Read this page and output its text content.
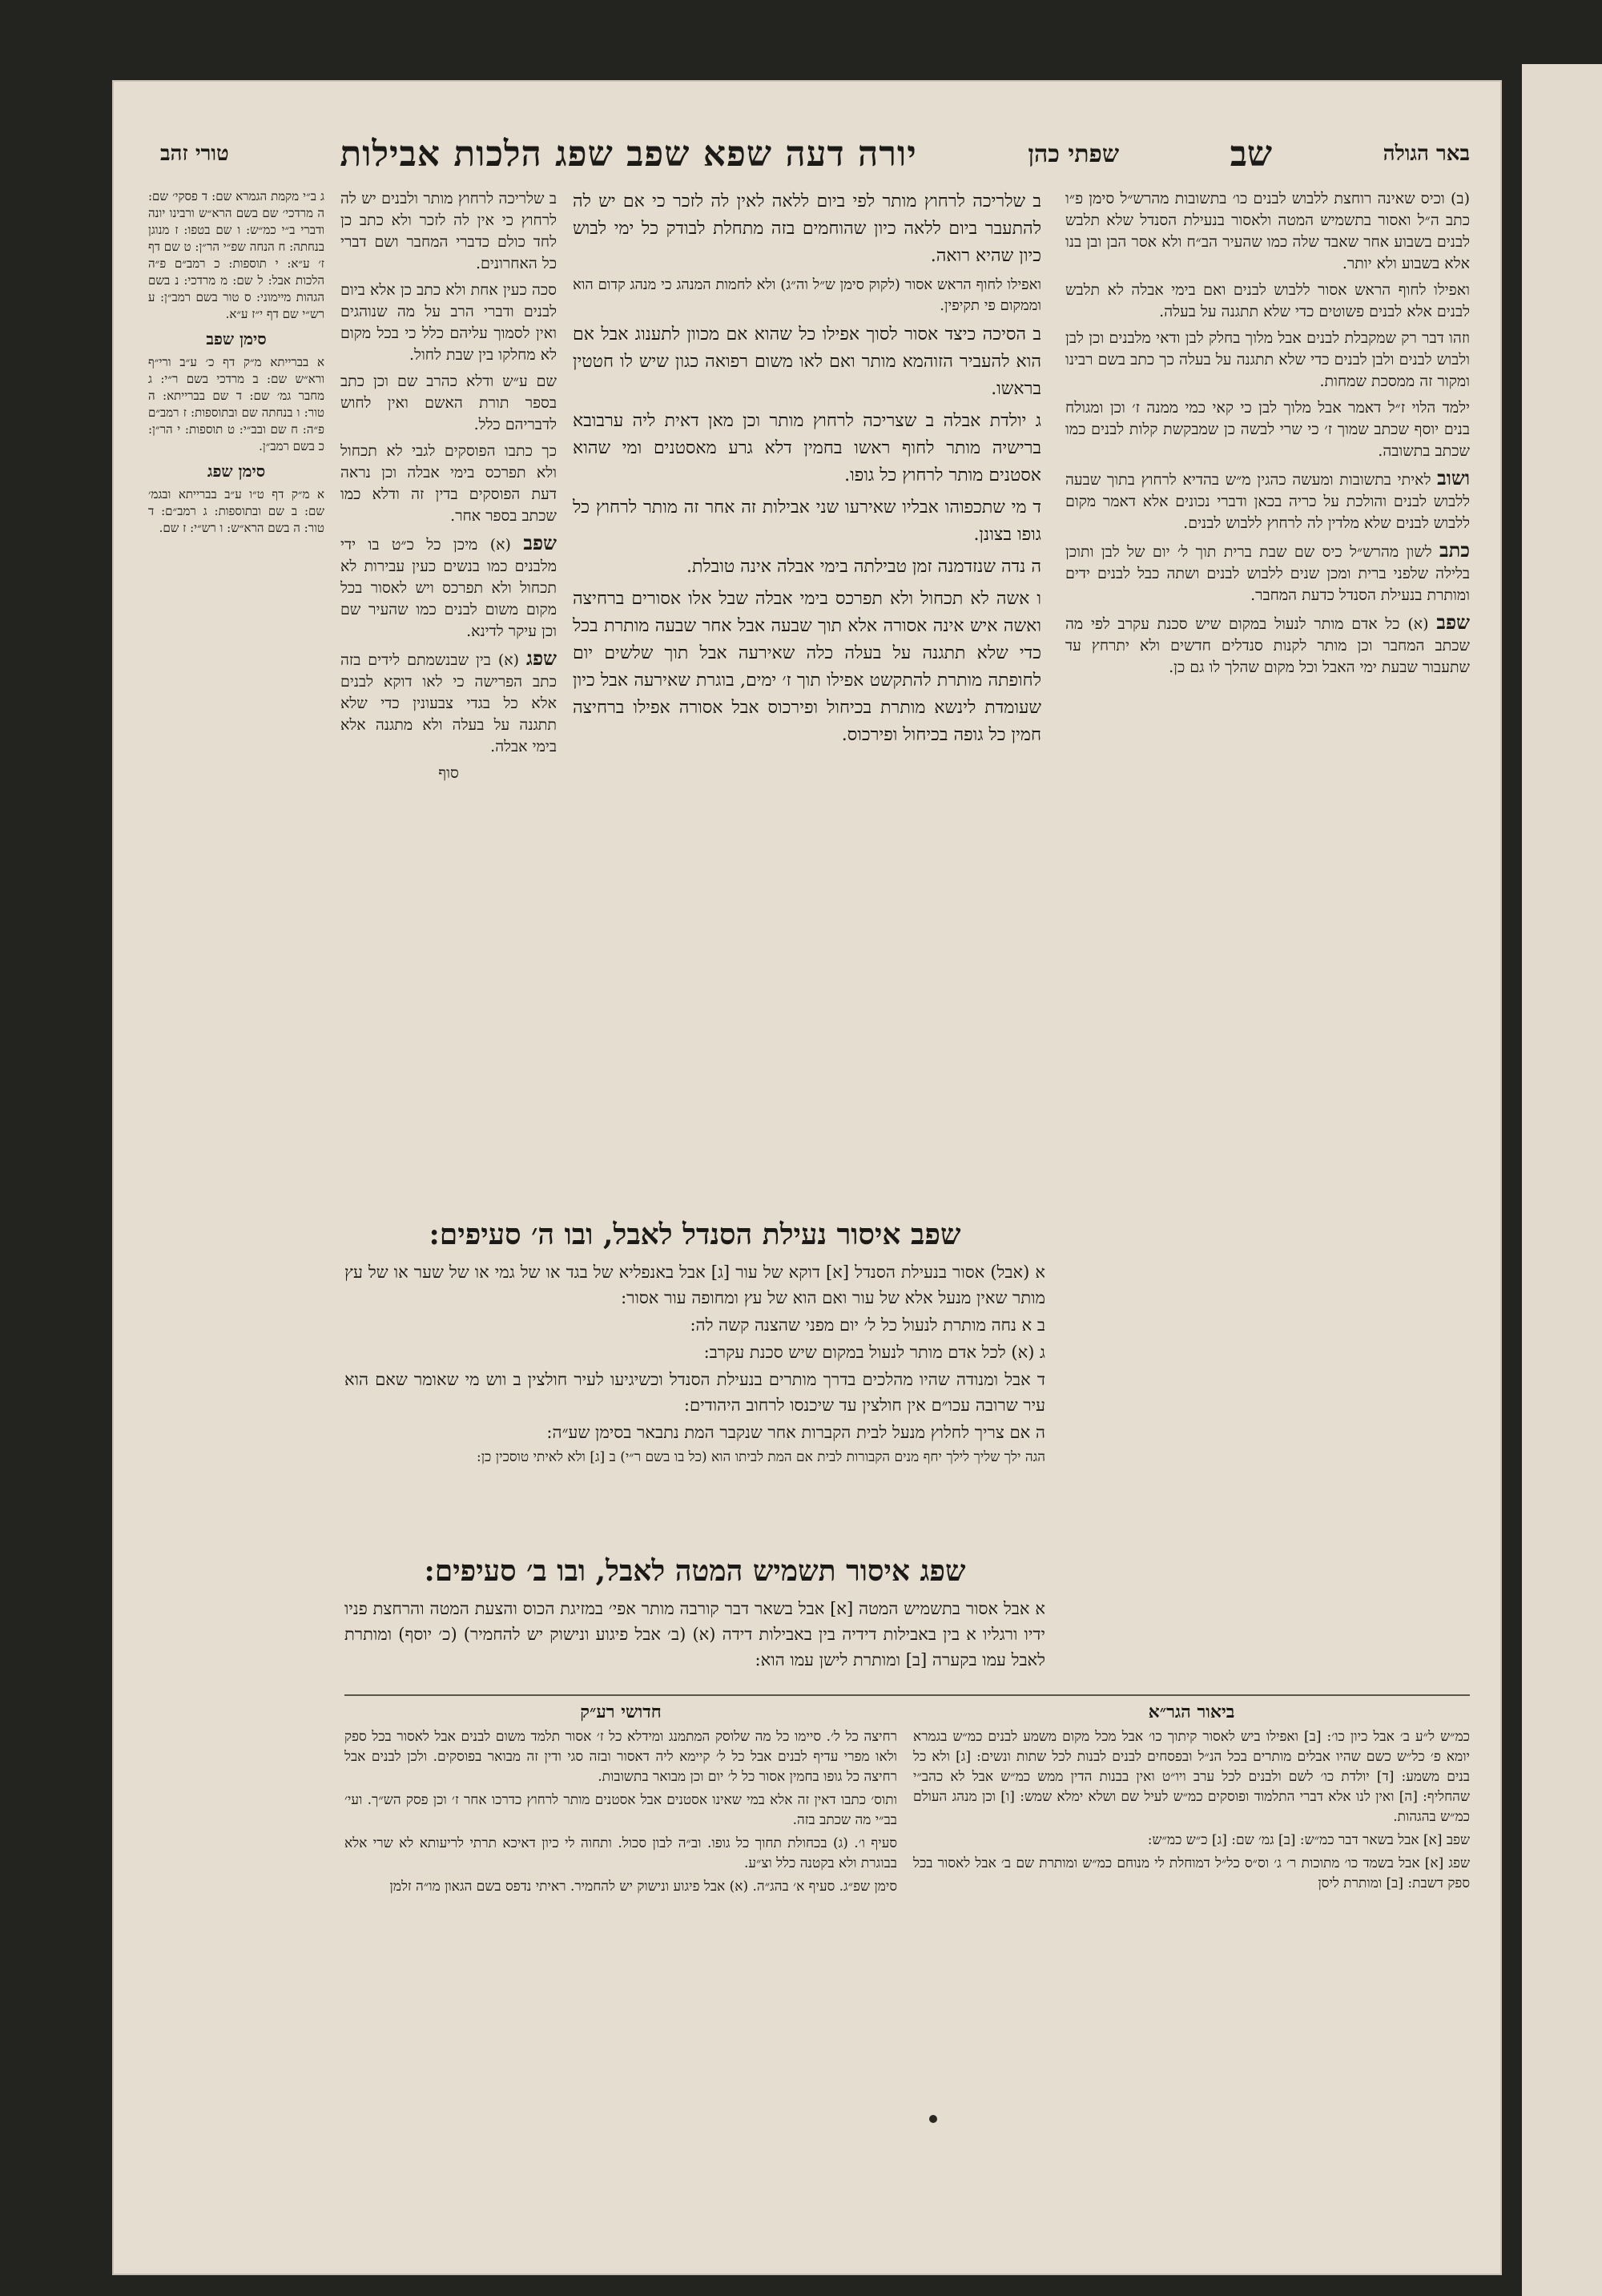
טורי זהב	יורה דעה שפא שפב שפג הלכות אבילות	שפתי כהן	שב	באר הגולה

(ב) וכיס שאינה רוחצת ללבוש לבנים כו׳ בתשובות מהרש״ל סימן פ״ו כתב ה״ל ואסור בתשמיש המטה ולאסור בנעילת הסנדל שלא תלבש לבנים בשבוע אחר שאבד שלה כמו שהעיר הב״ח ולא אסר הבן ובן בנו אלא בשבוע ולא יותר.

ואפילו לחוף הראש אסור ללבוש לבנים ואם בימי אבלה לא תלבש לבנים אלא לבנים פשוטים כדי שלא תתגנה על בעלה.

וזהו דבר רק שמקבלת לבנים אבל מלוך בחלק לבן ודאי מלבנים וכן לבן ולבוש לבנים ולבן לבנים כדי שלא תתגנה על בעלה כך כתב בשם רבינו ומקור זה ממסכת שמחות.

ילמד הלוי ז״ל דאמר אבל מלוך לבן כי קאי כמי ממנה ז׳ וכן ומגולח בנים יוסף שכתב שמוך ז׳ כי שרי לבשה כן שמבקשת קלות לבנים כמו שכתב בתשובה.

ושוב לאיתי בתשובות ומעשה כהגין מ״ש בהדיא לרחוץ בתוך שבעה ללבוש לבנים והולכת על כריה בכאן ודברי נכונים אלא דאמר מקום ללבוש לבנים שלא מלדין לה לרחוץ ללבוש לבנים.

כתב לשון מהרש״ל כיס שם שבת ברית תוך ל׳ יום של לבן ותוכן בלילה שלפני ברית ומכן שנים ללבוש לבנים ושתה כבל לבנים ידים ומותרת בנעילת הסנדל כדעת המחבר.

שפב (א) כל אדם מותר לנעול במקום שיש סכנת עקרב לפי מה שכתב המחבר וכן מותר לקנות סנדלים חדשים ולא יתרחץ עד שתעבור שבעת ימי האבל וכל מקום שהלך לו גם כן.

ב שלריכה לרחוץ מותר לפי ביום ללאה לאין לה לזכר כי אם יש לה להתעבר ביום ללאה כיון שהוחמים בזה מתחלת לבודק כל ימי לבוש כיון שהיא רואה.

ואפילו לחוף הראש אסור (לקוק סימן ש״ל וה״ג) ולא לחמות המנהג כי מנהג קדום הוא וממקום פי תקיפין.

ב הסיכה כיצד אסור לסוך אפילו כל שהוא אם מכוון לתענוג אבל אם הוא להעביר הזוהמא מותר ואם לאו משום רפואה כגון שיש לו חטטין בראשו.

ג יולדת אבלה ב שצריכה לרחוץ מותר וכן מאן דאית ליה ערבובא ברישיה מותר לחוף ראשו בחמין דלא גרע מאסטנים ומי שהוא אסטנים מותר לרחוץ כל גופו.

ד מי שתכפוהו אבליו שאירעו שני אבילות זה אחר זה מותר לרחוץ כל גופו בצונן.

ה נדה שנזדמנה זמן טבילתה בימי אבלה אינה טובלת.

ו אשה לא תכחול ולא תפרכס בימי אבלה שבל אלו אסורים ברחיצה ואשה איש אינה אסורה אלא תוך שבעה אבל אחר שבעה מותרת בכל כדי שלא תתגנה על בעלה כלה שאירעה אבל תוך שלשים יום לחופתה מותרת להתקשט אפילו תוך ז׳ ימים, בוגרת שאירעה אבל כיון שעומדת לינשא מותרת בכיחול ופירכוס אבל אסורה אפילו ברחיצה חמין כל גופה בכיחול ופירכוס.

ב שלריכה לרחוץ מותר ולבנים יש לה לרחוץ כי אין לה לזכר ולא כתב כן לחד כולם כדברי המחבר ושם דברי כל האחרונים.

סכה כעין אחת ולא כתב כן אלא ביום לבנים ודברי הרב על מה שנוהגים ואין לסמוך עליהם כלל כי בכל מקום לא מחלקו בין שבת לחול.

שם ע״ש ודלא כהרב שם וכן כתב בספר תורת האשם ואין לחוש לדבריהם כלל.

כך כתבו הפוסקים לגבי לא תכחול ולא תפרכס בימי אבלה וכן נראה דעת הפוסקים בדין זה ודלא כמו שכתב בספר אחר.

שפב (א) מיכן כל כ״ט בו ידי מלבנים כמו בנשים כעין עבירות לא תכחול ולא תפרכס ויש לאסור בכל מקום משום לבנים כמו שהעיר שם וכן עיקר לדינא.

שפג (א) בין שבנשמתם לידים בזה כתב הפרישה כי לאו דוקא לבנים אלא כל בגדי צבעונין כדי שלא תתגנה על בעלה ולא מתגנה אלא בימי אבלה.

סוף

ג ב״י מקמת הגמרא שם: ד פסקי׳ שם: ה מרדכי׳ שם בשם הרא״ש ורבינו יונה ודברי ב״י כמ״ש: ו שם בטפו: ז מנוגן בנחתה: ח הנחה שפ״י הר״ן: ט שם דף ז׳ ע״א: י תוספות: כ רמב״ם פ״ה הלכות אבל: ל שם: מ מרדכי: נ בשם הגהות מיימוני: ס טור בשם רמב״ן: ע רש״י שם דף י״ז ע״א.

סימן שפב

א בברייתא מ״ק דף כ׳ ע״ב ורי״ף ורא״ש שם: ב מרדכי בשם ר״י: ג מחבר גמ׳ שם: ד שם בברייתא: ה טור: ו בנחתה שם ובתוספות: ז רמב״ם פ״ה: ח שם ובב״י: ט תוספות: י הר״ן: כ בשם רמב״ן.

סימן שפג

א מ״ק דף ט״ו ע״ב בברייתא ובגמ׳ שם: ב שם ובתוספות: ג רמב״ם: ד טור: ה בשם הרא״ש: ו רש״י: ז שם.

שפב איסור נעילת הסנדל לאבל, ובו ה׳ סעיפים:

א (אבל) אסור בנעילת הסנדל [א] דוקא של עור [ג] אבל באנפליא של בגד או של גמי או של שער או של עץ מותר שאין מנעל אלא של עור ואם הוא של עץ ומחופה עור אסור:

ב א נחה מותרת לנעול כל ל׳ יום מפני שהצנה קשה לה:

ג (א) לכל אדם מותר לנעול במקום שיש סכנת עקרב:

ד אבל ומנודה שהיו מהלכים בדרך מותרים בנעילת הסנדל וכשיגיעו לעיר חולצין ב ווש מי שאומר שאם הוא עיר שרובה עכו״ם אין חולצין עד שיכנסו לרחוב היהודים:

ה אם צריך לחלוץ מנעל לבית הקברות אחר שנקבר המת נתבאר בסימן שע״ה:

הגה ילך שליך לילך יחף מנים הקבורות לבית אם המת לביתו הוא (כל בו בשם ר״י) ב [ג] ולא לאיתי טוסכין כן:

שפג איסור תשמיש המטה לאבל, ובו ב׳ סעיפים:

א אבל אסור בתשמיש המטה [א] אבל בשאר דבר קורבה מותר אפי׳ במזיגת הכוס והצעת המטה והרחצת פניו ידיו ורגליו א בין באבילות דידיה בין באבילות דידה (א) (ב׳ אבל פיגוע ונישוק יש להחמיר) (כ׳ יוסף) ומותרת לאבל עמו בקערה [ב] ומותרת לישן עמו הוא:

ביאור הגר״א

כמ״ש ל״ע ב׳ אבל כיון כו׳: [ב] ואפילו ביש לאסור קיתוך כו׳ אבל מכל מקום משמע לבנים כמ״ש בגמרא יומא פ׳ כל״ש כשם שהיו אבלים מותרים בכל הנ״ל ובפסחים לבנים לבנות לכל שתות ונשים: [ג] ולא כל בנים משמע: [ד] יולדת כו׳ לשם ולבנים לכל ערב ויו״ט ואין בבנות הדין ממש כמ״ש אבל לא כהב״י שהחליף: [ה] ואין לנו אלא דברי התלמוד ופוסקים כמ״ש לעיל שם ושלא ימלא שמש: [ו] וכן מנהג העולם כמ״ש בהגהות.

שפב [א] אבל בשאר דבר כמ״ש: [ב] גמ׳ שם: [ג] כ״ש כמ״ש:

שפג [א] אבל בשמד כו׳ מתוכות ר׳ ג׳ וס״ס כל״ל דמוחלת לי מנוחם כמ״ש ומותרת שם ב׳ אבל לאסור בכל ספק דשבת: [ב] ומותרת ליסן

חדושי רע״ק

רחיצה כל ל׳. סיימו כל מה שלוסק המתמנג ומידלא כל ז׳ אסור תלמד משום לבנים אבל לאסור בכל ספק ולאו מפרי עדיף לבנים אבל כל ל׳ קיימא ליה דאסור ובזה סגי ודין זה מבואר בפוסקים. ולכן לבנים אבל רחיצה כל גופו בחמין אסור כל ל׳ יום וכן מבואר בתשובות.

ותוס׳ כתבו דאין זה אלא במי שאינו אסטנים אבל אסטנים מותר לרחוץ כדרכו אחר ז׳ וכן פסק הש״ך. ועי׳ בב״י מה שכתב בזה.

סעיף ו׳. (ג) בכחולת תחוך כל גופו. וב״ה לבון סכול. ותחוה לי כיון דאיכא תרתי לריעותא לא שרי אלא בבוגרת ולא בקטנה כלל וצ״ע.

סימן שפ״ג. סעיף א׳ בהג״ה. (א) אבל פיגוע ונישוק יש להחמיר. ראיתי נדפס בשם הגאון מו״ה זלמן
